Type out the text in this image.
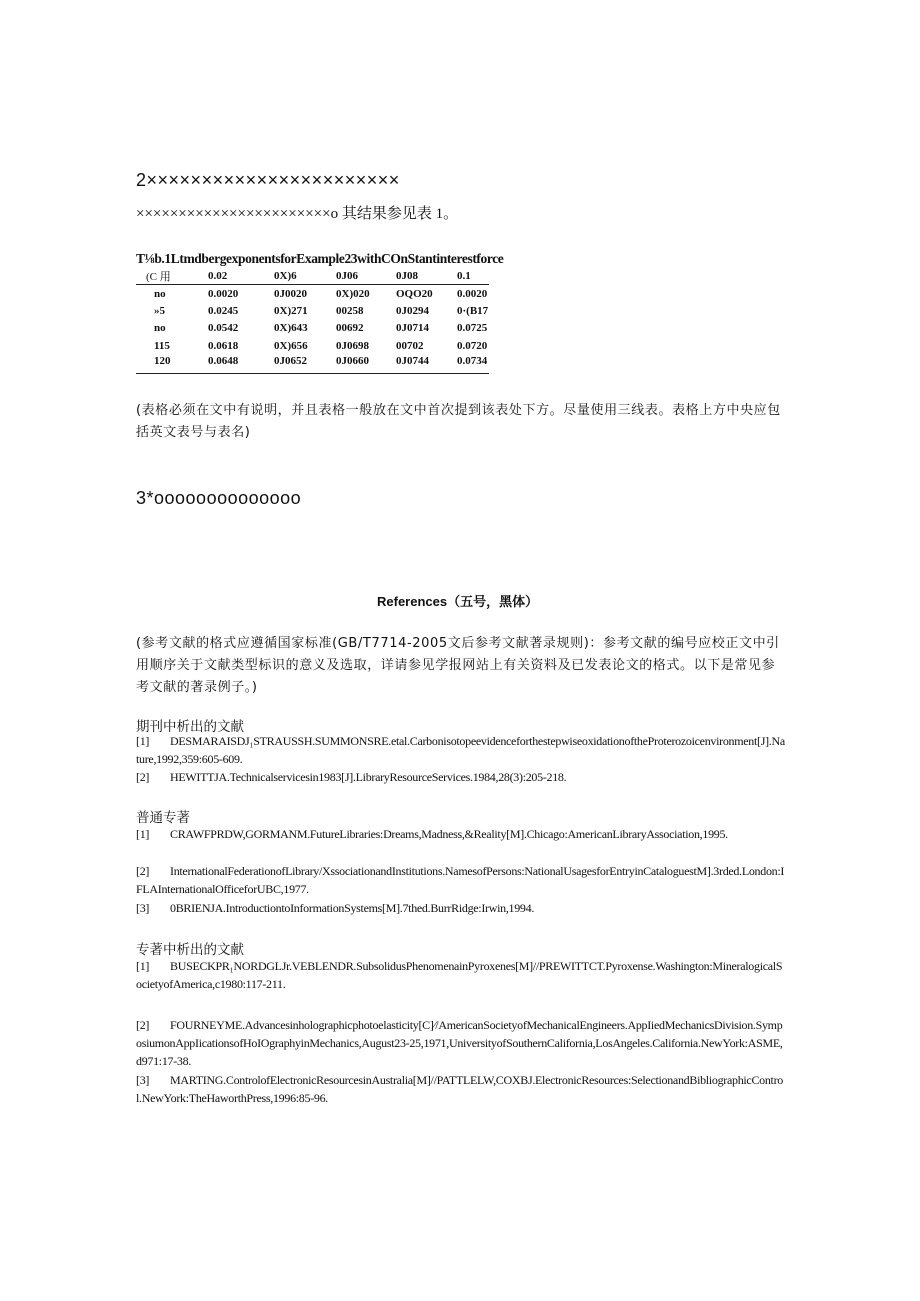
2×××××××××××××××××××××××
×××××××××××××××××××××××o 其结果参见表 1。
T⅛b.1LtmdbergexponentsforExample23withCOnStantinterestforce
(C 用	0.02	0X)6	0J06	0J08	0.1
no	0.0020	0J0020	0X)020	OQO20	0.0020
»5	0.0245	0X)271	00258	0J0294	0·(B17
no	0.0542	0X)643	00692	0J0714	0.0725
115	0.0618	0X)656	0J0698	00702	0.0720
120	0.0648	0J0652	0J0660	0J0744	0.0734
(表格必须在文中有说明，并且表格一般放在文中首次提到该表处下方。尽量使用三线表。表格上方中央应包括英文表号与表名)
3*oooooooooooooo
References（五号，黑体）
(参考文献的格式应遵循国家标准(GB/T7714-2005文后参考文献著录规则)：参考文献的编号应校正文中引用顺序关于文献类型标识的意义及选取，详请参见学报网站上有关资料及已发表论文的格式。以下是常见参考文献的著录例子。)
期刊中析出的文献
[1] DESMARAISDJ₁STRAUSSH.SUMMONSRE.etal.CarbonisotopeevidenceforthestepwiseoxidationoftheProterozoicenvironment[J].Nature,1992,359:605-609.
[2] HEWITTJA.Technicalservicesin1983[J].LibraryResourceServices.1984,28(3):205-218.
普通专著
[1] CRAWFPRDW,GORMANM.FutureLibraries:Dreams,Madness,&Reality[M].Chicago:AmericanLibraryAssociation,1995.
[2] InternationalFederationofLibrary/XssociationandInstitutions.NamesofPersons:NationalUsagesforEntryinCataloguestM].3rded.London:IFLAInternationalOfficeforUBC,1977.
[3] 0BRIENJA.IntroductiontoInformationSystems[M].7thed.BurrRidge:Irwin,1994.
专著中析出的文献
[1] BUSECKPR₁NORDGLJr.VEBLENDR.SubsolidusPhenomenainPyroxenes[M]//PREWITTCT.Pyroxense.Washington:MineralogicalSocietyofAmerica,c1980:117-211.
[2] FOURNEYME.Advancesinholographicphotoelasticity[C]∕/AmericanSocietyofMechanicalEngineers.AppIiedMechanicsDivision.SymposiumonAppIicationsofHoIOgraphyinMechanics,August23-25,1971,UniversityofSouthernCalifornia,LosAngeles.California.NewYork:ASME,d971:17-38.
[3] MARTING.ControlofElectronicResourcesinAustralia[M]//PATTLELW,COXBJ.ElectronicResources:SelectionandBibliographicControl.NewYork:TheHaworthPress,1996:85-96.
